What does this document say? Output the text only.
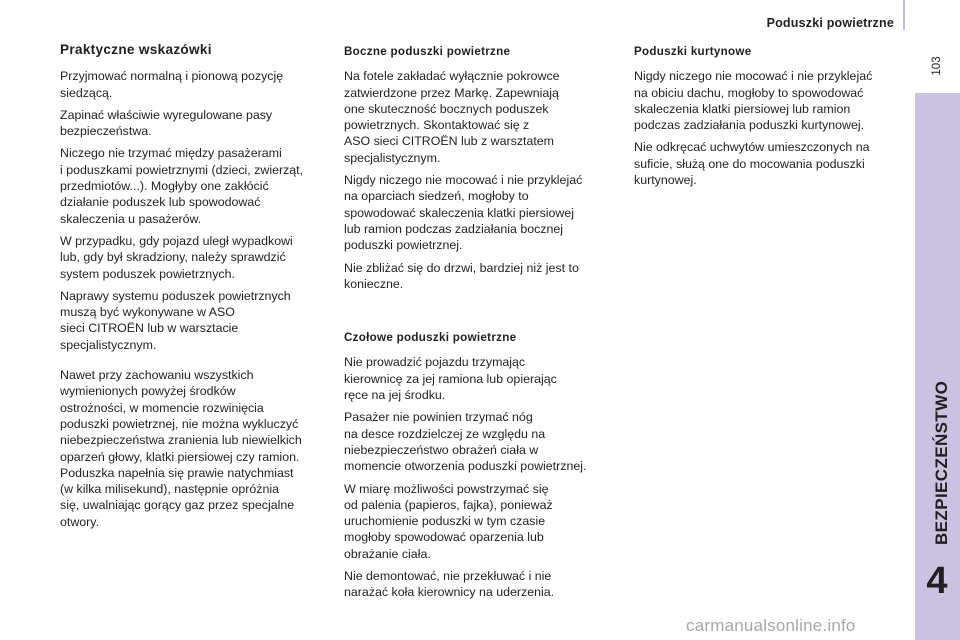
Poduszki powietrzne
103
BEZPIECZEŃSTWO
4
Praktyczne wskazówki

Przyjmować normalną i pionową pozycję
siedzącą.

Zapinać właściwie wyregulowane pasy
bezpieczeństwa.

Niczego nie trzymać między pasażerami
i poduszkami powietrznymi (dzieci, zwierząt,
przedmiotów...). Mogłyby one zakłócić
działanie poduszek lub spowodować
skaleczenia u pasażerów.

W przypadku, gdy pojazd uległ wypadkowi
lub, gdy był skradziony, należy sprawdzić
system poduszek powietrznych.

Naprawy systemu poduszek powietrznych
muszą być wykonywane w ASO
sieci CITROËN lub w warsztacie
specjalistycznym.

Nawet przy zachowaniu wszystkich
wymienionych powyżej środków
ostrożności, w momencie rozwinięcia
poduszki powietrznej, nie można wykluczyć
niebezpieczeństwa zranienia lub niewielkich
oparzeń głowy, klatki piersiowej czy ramion.
Poduszka napełnia się prawie natychmiast
(w kilka milisekund), następnie opróżnia
się, uwalniając gorący gaz przez specjalne
otwory.

Boczne poduszki powietrzne

Na fotele zakładać wyłącznie pokrowce
zatwierdzone przez Markę. Zapewniają
one skuteczność bocznych poduszek
powietrznych. Skontaktować się z
ASO sieci CITROËN lub z warsztatem
specjalistycznym.

Nigdy niczego nie mocować i nie przyklejać
na oparciach siedzeń, mogłoby to
spowodować skaleczenia klatki piersiowej
lub ramion podczas zadziałania bocznej
poduszki powietrznej.

Nie zbliżać się do drzwi, bardziej niż jest to
konieczne.

Czołowe poduszki powietrzne

Nie prowadzić pojazdu trzymając
kierownicę za jej ramiona lub opierając
ręce na jej środku.

Pasażer nie powinien trzymać nóg
na desce rozdzielczej ze względu na
niebezpieczeństwo obrażeń ciała w
momencie otworzenia poduszki powietrznej.

W miarę możliwości powstrzymać się
od palenia (papieros, fajka), ponieważ
uruchomienie poduszki w tym czasie
mogłoby spowodować oparzenia lub
obrażanie ciała.

Nie demontować, nie przekłuwać i nie
narażać koła kierownicy na uderzenia.

Poduszki kurtynowe

Nigdy niczego nie mocować i nie przyklejać
na obiciu dachu, mogłoby to spowodować
skaleczenia klatki piersiowej lub ramion
podczas zadziałania poduszki kurtynowej.

Nie odkręcać uchwytów umieszczonych na
suficie, służą one do mocowania poduszki
kurtynowej.

carmanualsonline.info
